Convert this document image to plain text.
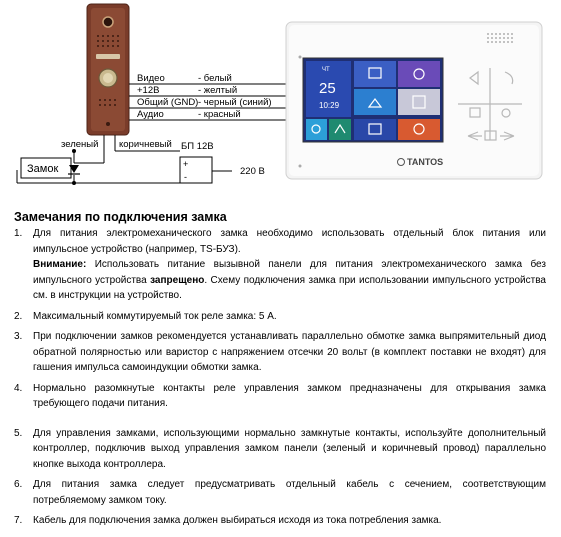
Видео	- белый
+12В	- желтый
Общий (GND) - черный (синий)
Аудио	- красный
зеленый коричневый
Замок
БП 12В
+
-	220 В
ЧТ
25
10:29
TANTOS
Замечания по подключения замка
1. Для питания электромеханического замка необходимо использовать отдельный блок питания или импульсное устройство (например, TS-БУЗ).
Внимание: Использовать питание вызывной панели для питания электромеханического замка без импульсного устройства запрещено. Схему подключения замка при использовании импульсного устройства см. в инструкции на устройство.
2. Максимальный коммутируемый ток реле замка: 5 А.
3. При подключении замков рекомендуется устанавливать параллельно обмотке замка выпрямительный диод обратной полярностью или варистор с напряжением отсечки 20 вольт (в комплект поставки не входят) для гашения импульса самоиндукции обмотки замка.
4. Нормально разомкнутые контакты реле управления замком предназначены для открывания замка требующего подачи питания.
5. Для управления замками, использующими нормально замкнутые контакты, используйте дополнительный контроллер, подключив выход управления замком панели (зеленый и коричневый провод) параллельно кнопке выхода контроллера.
6. Для питания замка следует предусматривать отдельный кабель с сечением, соответствующим потребляемому замком току.
7. Кабель для подключения замка должен выбираться исходя из тока потребления замка.
